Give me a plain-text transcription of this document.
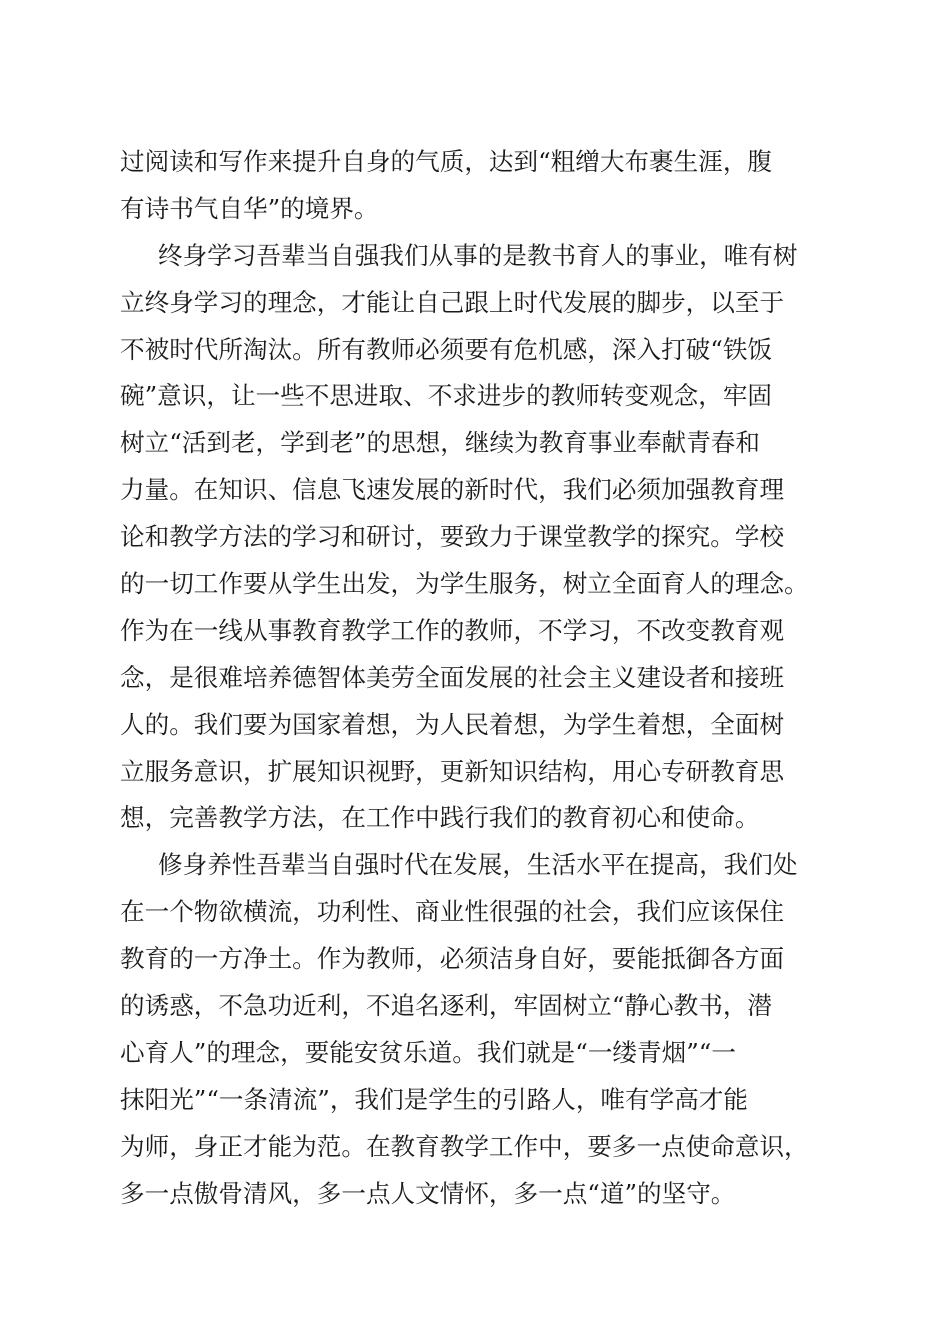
过阅读和写作来提升自身的气质，达到“粗缯大布裹生涯，腹
有诗书气自华”的境界。
终身学习吾辈当自强我们从事的是教书育人的事业，唯有树
立终身学习的理念，才能让自己跟上时代发展的脚步，以至于
不被时代所淘汰。所有教师必须要有危机感，深入打破“铁饭
碗”意识，让一些不思进取、不求进步的教师转变观念，牢固
树立“活到老，学到老”的思想，继续为教育事业奉献青春和
力量。在知识、信息飞速发展的新时代，我们必须加强教育理
论和教学方法的学习和研讨，要致力于课堂教学的探究。学校
的一切工作要从学生出发，为学生服务，树立全面育人的理念。
作为在一线从事教育教学工作的教师，不学习，不改变教育观
念，是很难培养德智体美劳全面发展的社会主义建设者和接班
人的。我们要为国家着想，为人民着想，为学生着想，全面树
立服务意识，扩展知识视野，更新知识结构，用心专研教育思
想，完善教学方法，在工作中践行我们的教育初心和使命。
修身养性吾辈当自强时代在发展，生活水平在提高，我们处
在一个物欲横流，功利性、商业性很强的社会，我们应该保住
教育的一方净土。作为教师，必须洁身自好，要能抵御各方面
的诱惑，不急功近利，不追名逐利，牢固树立“静心教书，潜
心育人”的理念，要能安贫乐道。我们就是“一缕青烟”“一
抹阳光”“一条清流”，我们是学生的引路人，唯有学高才能
为师，身正才能为范。在教育教学工作中，要多一点使命意识，
多一点傲骨清风，多一点人文情怀，多一点“道”的坚守。
